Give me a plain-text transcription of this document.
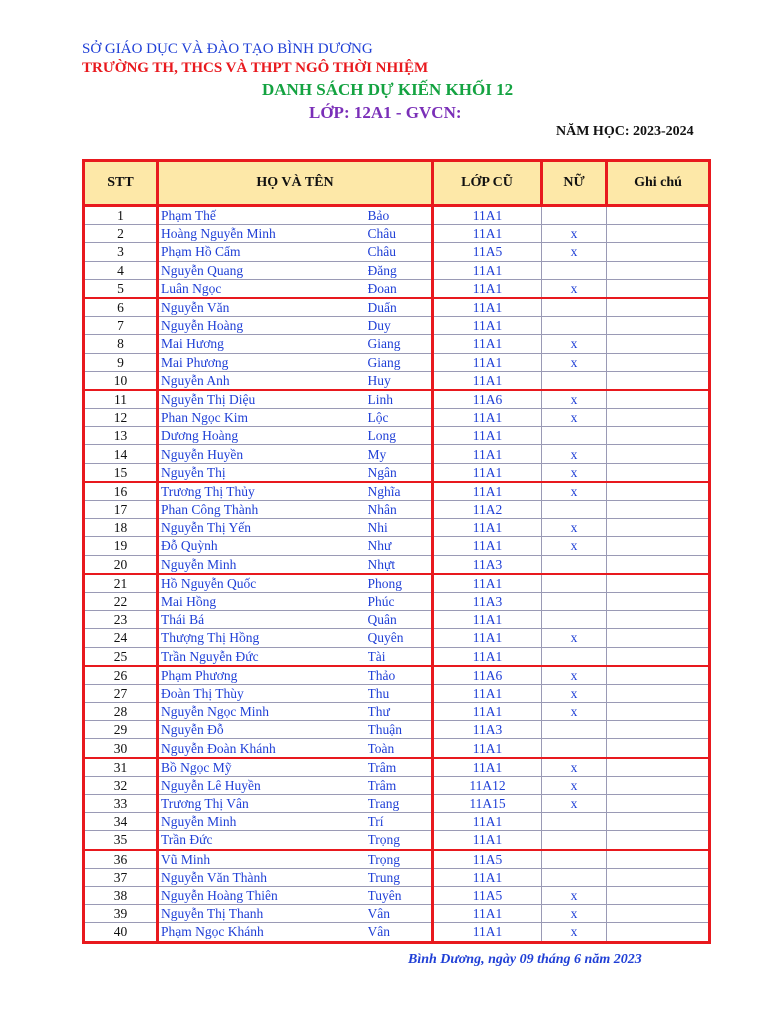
SỞ GIÁO DỤC VÀ ĐÀO TẠO BÌNH DƯƠNG
TRƯỜNG TH, THCS VÀ THPT NGÔ THỜI NHIỆM
DANH SÁCH DỰ KIẾN KHỐI 12
LỚP: 12A1 - GVCN:
NĂM HỌC: 2023-2024
STT	HỌ VÀ TÊN		LỚP CŨ	NỮ	Ghi chú
1	Phạm Thế	Bảo	11A1		
2	Hoàng Nguyễn Minh	Châu	11A1	x	
3	Phạm Hồ Cẩm	Châu	11A5	x	
4	Nguyễn Quang	Đăng	11A1		
5	Luân Ngọc	Đoan	11A1	x	
6	Nguyễn Văn	Duẩn	11A1		
7	Nguyễn Hoàng	Duy	11A1		
8	Mai Hương	Giang	11A1	x	
9	Mai Phương	Giang	11A1	x	
10	Nguyễn Anh	Huy	11A1		
11	Nguyễn Thị Diệu	Linh	11A6	x	
12	Phan Ngọc Kim	Lộc	11A1	x	
13	Dương Hoàng	Long	11A1		
14	Nguyễn Huyền	My	11A1	x	
15	Nguyễn Thị	Ngân	11A1	x	
16	Trương Thị Thủy	Nghĩa	11A1	x	
17	Phan Công Thành	Nhân	11A2		
18	Nguyễn Thị Yến	Nhi	11A1	x	
19	Đỗ Quỳnh	Như	11A1	x	
20	Nguyễn Minh	Nhựt	11A3		
21	Hồ Nguyễn Quốc	Phong	11A1		
22	Mai Hồng	Phúc	11A3		
23	Thái Bá	Quân	11A1		
24	Thượng Thị Hồng	Quyên	11A1	x	
25	Trần Nguyễn Đức	Tài	11A1		
26	Phạm Phương	Thảo	11A6	x	
27	Đoàn Thị Thùy	Thu	11A1	x	
28	Nguyễn Ngọc Minh	Thư	11A1	x	
29	Nguyễn Đỗ	Thuận	11A3		
30	Nguyễn Đoàn Khánh	Toàn	11A1		
31	Bồ Ngọc Mỹ	Trâm	11A1	x	
32	Nguyễn Lê Huyền	Trâm	11A12	x	
33	Trương Thị Vân	Trang	11A15	x	
34	Nguyễn Minh	Trí	11A1		
35	Trần Đức	Trọng	11A1		
36	Vũ Minh	Trọng	11A5		
37	Nguyễn Văn Thành	Trung	11A1		
38	Nguyễn Hoàng Thiên	Tuyên	11A5	x	
39	Nguyễn Thị Thanh	Vân	11A1	x	
40	Phạm Ngọc Khánh	Vân	11A1	x	
Bình Dương, ngày 09 tháng 6 năm 2023
